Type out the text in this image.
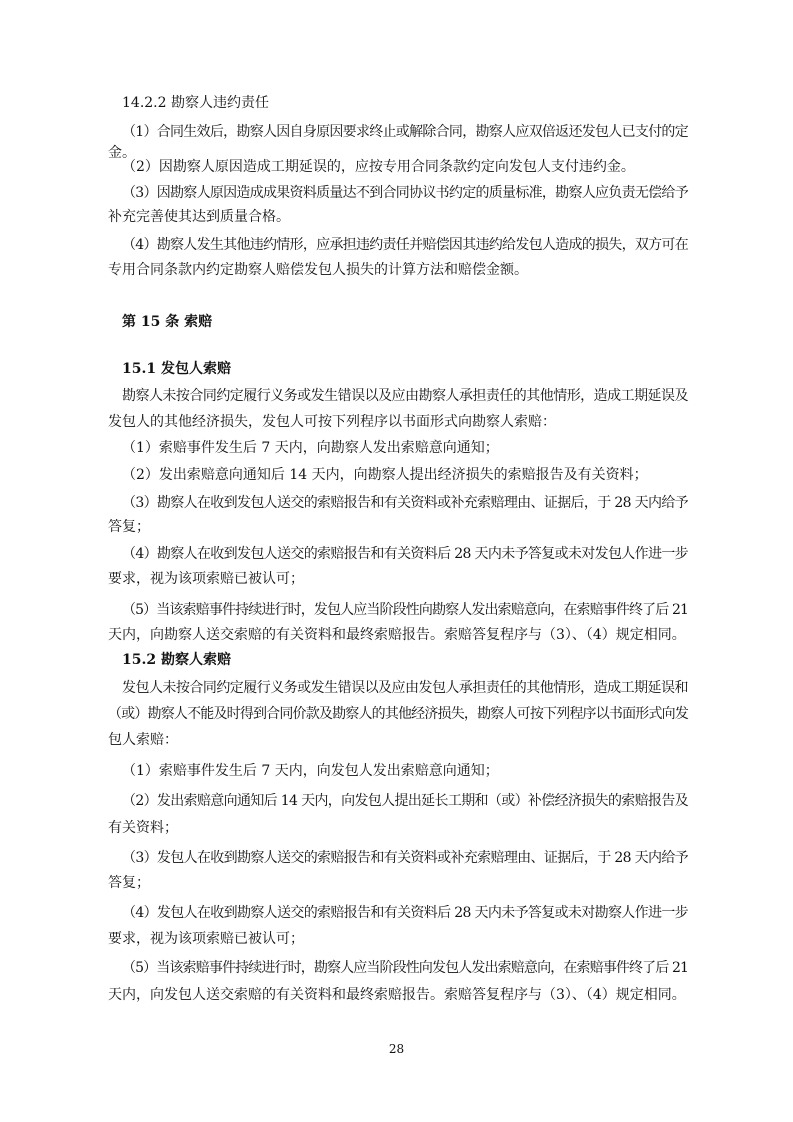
14.2.2 勘察人违约责任
（1）合同生效后，勘察人因自身原因要求终止或解除合同，勘察人应双倍返还发包人已支付的定
金。
（2）因勘察人原因造成工期延误的，应按专用合同条款约定向发包人支付违约金。
（3）因勘察人原因造成成果资料质量达不到合同协议书约定的质量标准，勘察人应负责无偿给予
补充完善使其达到质量合格。
（4）勘察人发生其他违约情形，应承担违约责任并赔偿因其违约给发包人造成的损失，双方可在
专用合同条款内约定勘察人赔偿发包人损失的计算方法和赔偿金额。
第 15 条 索赔
15.1 发包人索赔
勘察人未按合同约定履行义务或发生错误以及应由勘察人承担责任的其他情形，造成工期延误及
发包人的其他经济损失，发包人可按下列程序以书面形式向勘察人索赔：
（1）索赔事件发生后 7 天内，向勘察人发出索赔意向通知；
（2）发出索赔意向通知后 14 天内，向勘察人提出经济损失的索赔报告及有关资料；
（3）勘察人在收到发包人送交的索赔报告和有关资料或补充索赔理由、证据后，于 28 天内给予
答复；
（4）勘察人在收到发包人送交的索赔报告和有关资料后 28 天内未予答复或未对发包人作进一步
要求，视为该项索赔已被认可；
（5）当该索赔事件持续进行时，发包人应当阶段性向勘察人发出索赔意向，在索赔事件终了后 21
天内，向勘察人送交索赔的有关资料和最终索赔报告。索赔答复程序与（3）、（4）规定相同。
15.2 勘察人索赔
发包人未按合同约定履行义务或发生错误以及应由发包人承担责任的其他情形，造成工期延误和
（或）勘察人不能及时得到合同价款及勘察人的其他经济损失，勘察人可按下列程序以书面形式向发
包人索赔：
（1）索赔事件发生后 7 天内，向发包人发出索赔意向通知；
（2）发出索赔意向通知后 14 天内，向发包人提出延长工期和（或）补偿经济损失的索赔报告及
有关资料；
（3）发包人在收到勘察人送交的索赔报告和有关资料或补充索赔理由、证据后，于 28 天内给予
答复；
（4）发包人在收到勘察人送交的索赔报告和有关资料后 28 天内未予答复或未对勘察人作进一步
要求，视为该项索赔已被认可；
（5）当该索赔事件持续进行时，勘察人应当阶段性向发包人发出索赔意向，在索赔事件终了后 21
天内，向发包人送交索赔的有关资料和最终索赔报告。索赔答复程序与（3）、（4）规定相同。
28
